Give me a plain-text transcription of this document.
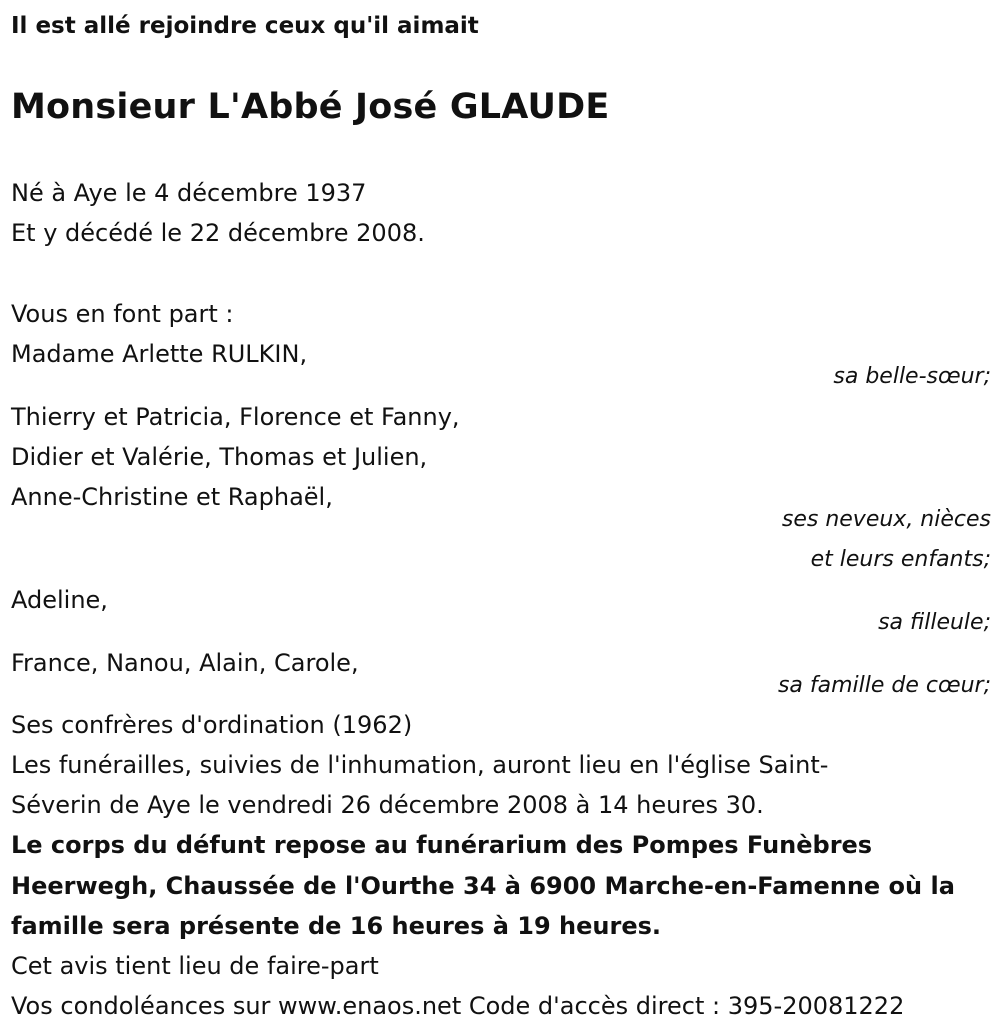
Il est allé rejoindre ceux qu'il aimait
Monsieur L'Abbé José GLAUDE
Né à Aye le 4 décembre 1937
Et y décédé le 22 décembre 2008.
Vous en font part :
Madame Arlette RULKIN,
sa belle-sœur;
Thierry et Patricia, Florence et Fanny,
Didier et Valérie, Thomas et Julien,
Anne-Christine et Raphaël,
ses neveux, nièces
et leurs enfants;
Adeline,
sa filleule;
France, Nanou, Alain, Carole,
sa famille de cœur;
Ses confrères d'ordination (1962)
Les funérailles, suivies de l'inhumation, auront lieu en l'église Saint-
Séverin de Aye le vendredi 26 décembre 2008 à 14 heures 30.
Le corps du défunt repose au funérarium des Pompes Funèbres
Heerwegh, Chaussée de l'Ourthe 34 à 6900 Marche-en-Famenne où la
famille sera présente de 16 heures à 19 heures.
Cet avis tient lieu de faire-part
Vos condoléances sur www.enaos.net Code d'accès direct : 395-20081222
